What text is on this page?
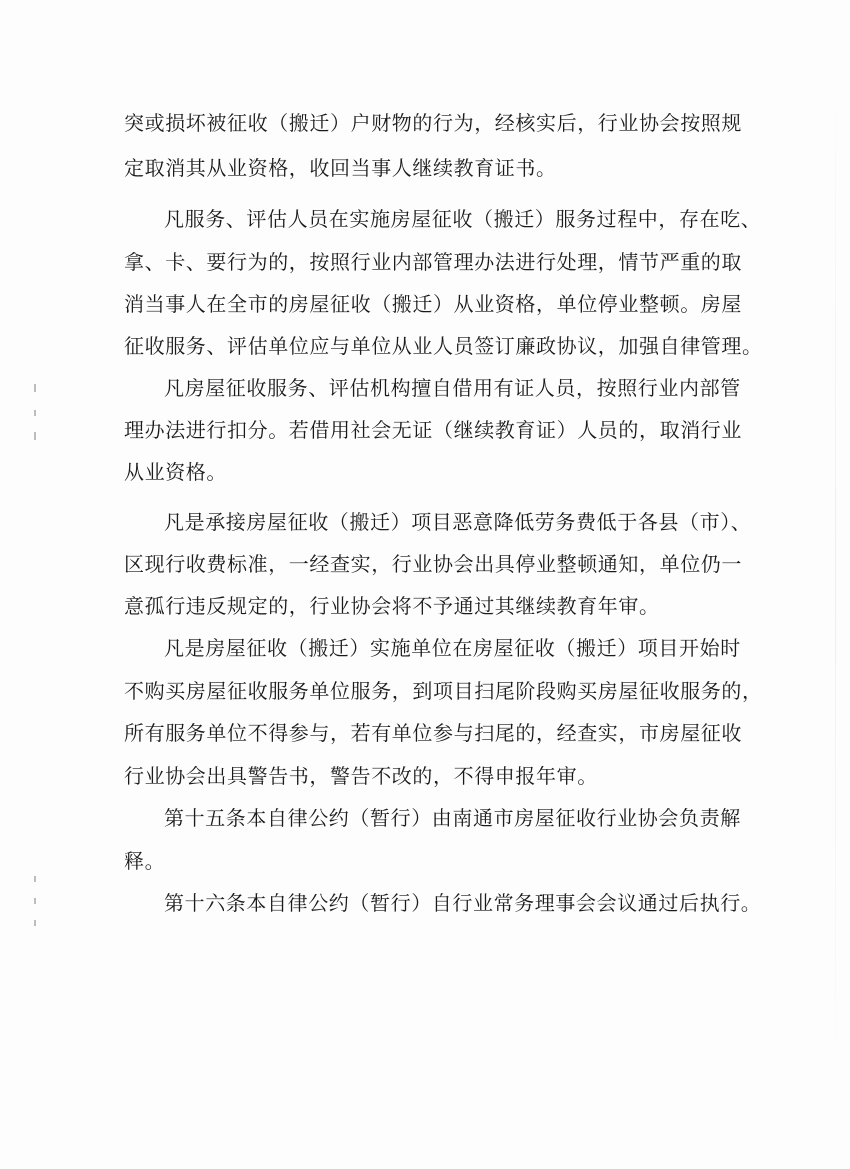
突或损坏被征收（搬迁）户财物的行为，经核实后，行业协会按照规
定取消其从业资格，收回当事人继续教育证书。
凡服务、评估人员在实施房屋征收（搬迁）服务过程中，存在吃、
拿、卡、要行为的，按照行业内部管理办法进行处理，情节严重的取
消当事人在全市的房屋征收（搬迁）从业资格，单位停业整顿。房屋
征收服务、评估单位应与单位从业人员签订廉政协议，加强自律管理。
凡房屋征收服务、评估机构擅自借用有证人员，按照行业内部管
理办法进行扣分。若借用社会无证（继续教育证）人员的，取消行业
从业资格。
凡是承接房屋征收（搬迁）项目恶意降低劳务费低于各县（市）、
区现行收费标准，一经查实，行业协会出具停业整顿通知，单位仍一
意孤行违反规定的，行业协会将不予通过其继续教育年审。
凡是房屋征收（搬迁）实施单位在房屋征收（搬迁）项目开始时
不购买房屋征收服务单位服务，到项目扫尾阶段购买房屋征收服务的，
所有服务单位不得参与，若有单位参与扫尾的，经查实，市房屋征收
行业协会出具警告书，警告不改的，不得申报年审。
第十五条本自律公约（暂行）由南通市房屋征收行业协会负责解
释。
第十六条本自律公约（暂行）自行业常务理事会会议通过后执行。
